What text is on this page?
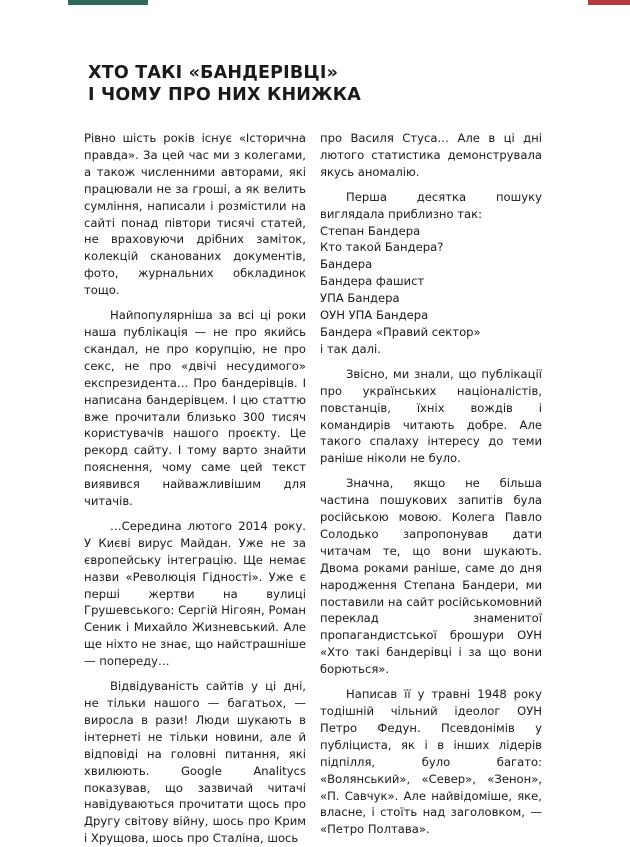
ХТО ТАКІ «БАНДЕРІВЦІ»
І ЧОМУ ПРО НИХ КНИЖКА

Рівно шість років існує «Історична правда». За цей час ми з колегами, а також численними авторами, які працювали не за гроші, а як велить сумління, написали і розмістили на сайті понад півтори тисячі статей, не враховуючи дрібних заміток, колекцій сканованих документів, фото, журнальних обкладинок тощо.

Найпопулярніша за всі ці роки наша публікація — не про якийсь скандал, не про корупцію, не про секс, не про «двічі несудимого» експрезидента… Про бандерівців. І написана бандерівцем. І цю статтю вже прочитали близько 300 тисяч користувачів нашого проєкту. Це рекорд сайту. І тому варто знайти пояснення, чому саме цей текст виявився найважливішим для читачів.

…Середина лютого 2014 року. У Києві вирус Майдан. Уже не за європейську інтеграцію. Ще немає назви «Революція Гідності». Уже є перші жертви на вулиці Грушевського: Сергій Нігоян, Роман Сеник і Михайло Жизневський. Але ще ніхто не знає, що найстрашніше — попереду…

Відвідуваність сайтів у ці дні, не тільки нашого — багатьох, — виросла в рази! Люди шукають в інтернеті не тільки новини, але й відповіді на головні питання, які хвилюють. Google Analitycs показував, що зазвичай читачі навідуваються прочитати щось про Другу світову війну, шось про Крим і Хрущова, шось про Сталіна, шось

про Василя Стуса… Але в ці дні лютого статистика демонструвала якусь аномалію.

Перша десятка пошуку виглядала приблизно так:

Степан Бандера
Кто такой Бандера?
Бандера
Бандера фашист
УПА Бандера
ОУН УПА Бандера
Бандера «Правий сектор»
і так далі.

Звісно, ми знали, що публікації про українських націоналістів, повстанців, їхніх вождів і командирів читають добре. Але такого спалаху інтересу до теми раніше ніколи не було.

Значна, якщо не більша частина пошукових запитів була російською мовою. Колега Павло Солодько запропонував дати читачам те, що вони шукають. Двома роками раніше, саме до дня народження Степана Бандери, ми поставили на сайт російськомовний переклад знаменитої пропагандистської брошури ОУН «Хто такі бандерівці і за що вони борються».

Написав її у травні 1948 року тодішній чільний ідеолог ОУН Петро Федун. Псевдонімів у публіциста, як і в інших лідерів підпілля, було багато: «Волянський», «Север», «Зенон», «П. Савчук». Але найвідоміше, яке, власне, і стоїть над заголовком, — «Петро Полтава».
